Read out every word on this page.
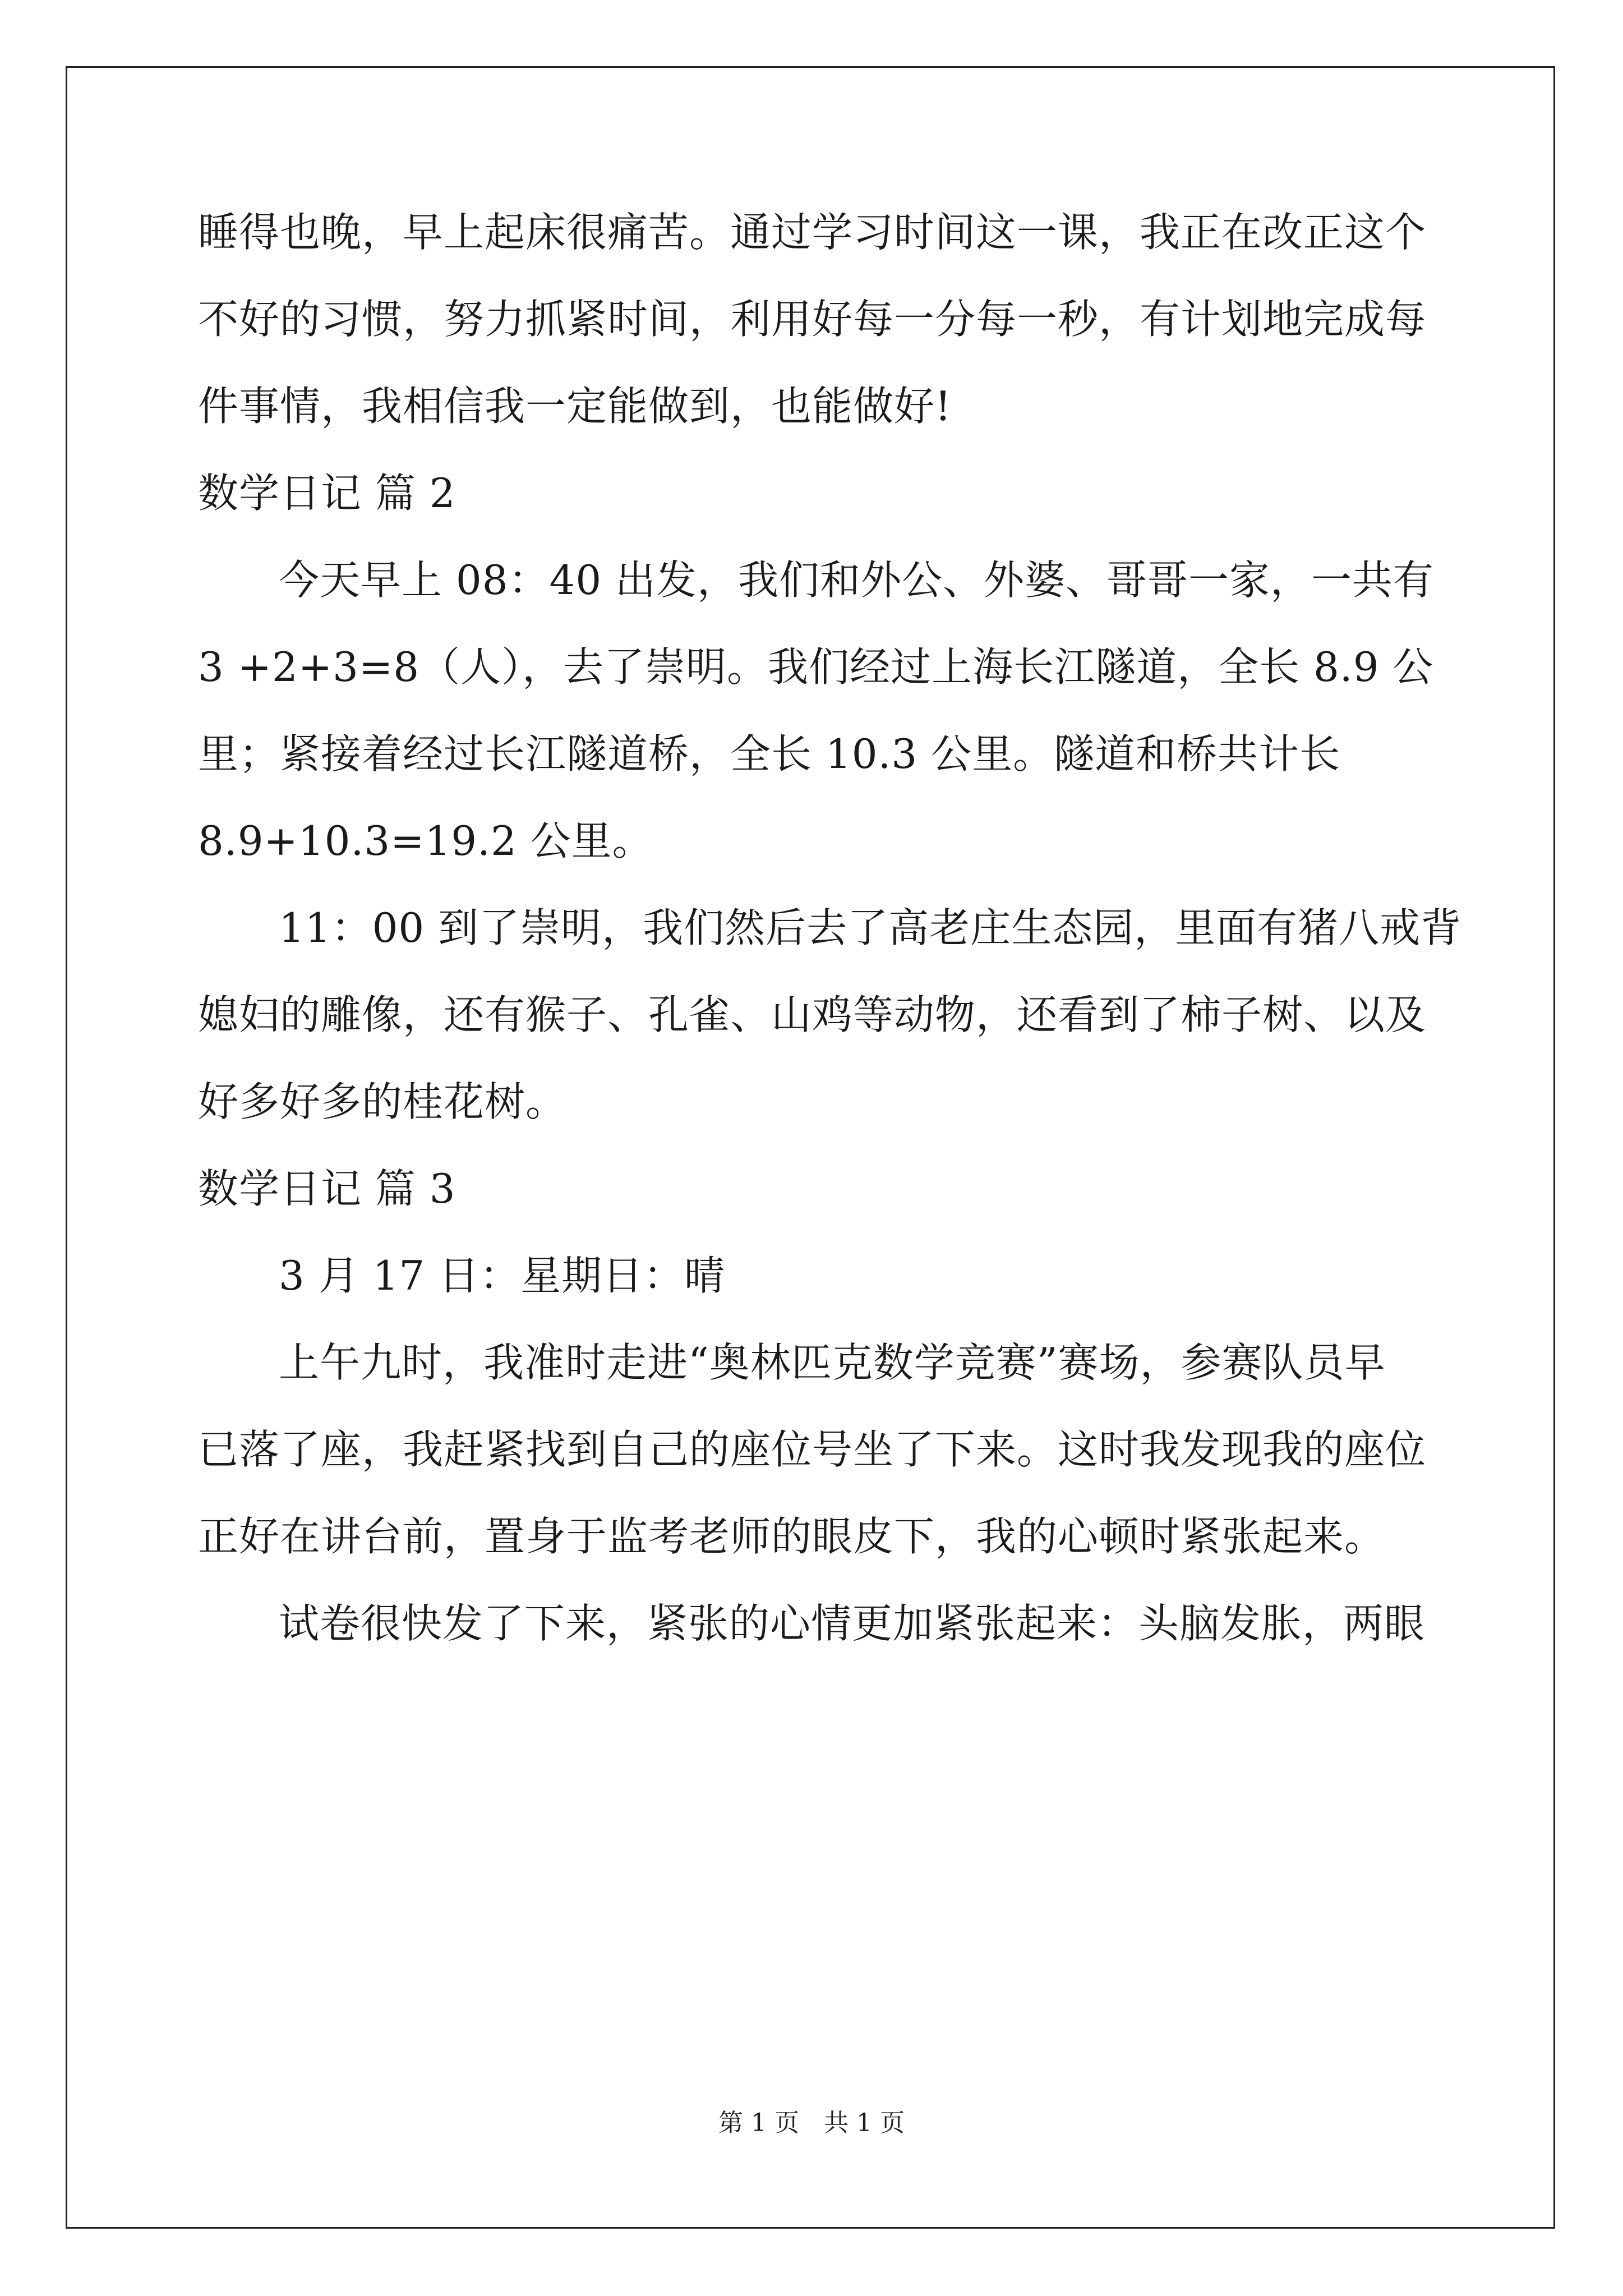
睡得也晚，早上起床很痛苦。通过学习时间这一课，我正在改正这个
不好的习惯，努力抓紧时间，利用好每一分每一秒，有计划地完成每
件事情，我相信我一定能做到，也能做好!
数学日记 篇 2
今天早上 08：40 出发，我们和外公、外婆、哥哥一家，一共有
3 +2+3=8（人），去了崇明。我们经过上海长江隧道，全长 8.9 公
里；紧接着经过长江隧道桥，全长 10.3 公里。隧道和桥共计长
8.9+10.3=19.2 公里。
11：00 到了崇明，我们然后去了高老庄生态园，里面有猪八戒背
媳妇的雕像，还有猴子、孔雀、山鸡等动物，还看到了柿子树、以及
好多好多的桂花树。
数学日记 篇 3
3 月 17 日：星期日：晴
上午九时，我准时走进“奥林匹克数学竞赛”赛场，参赛队员早
已落了座，我赶紧找到自己的座位号坐了下来。这时我发现我的座位
正好在讲台前，置身于监考老师的眼皮下，我的心顿时紧张起来。
试卷很快发了下来，紧张的心情更加紧张起来：头脑发胀，两眼
第 1 页　共 1 页
